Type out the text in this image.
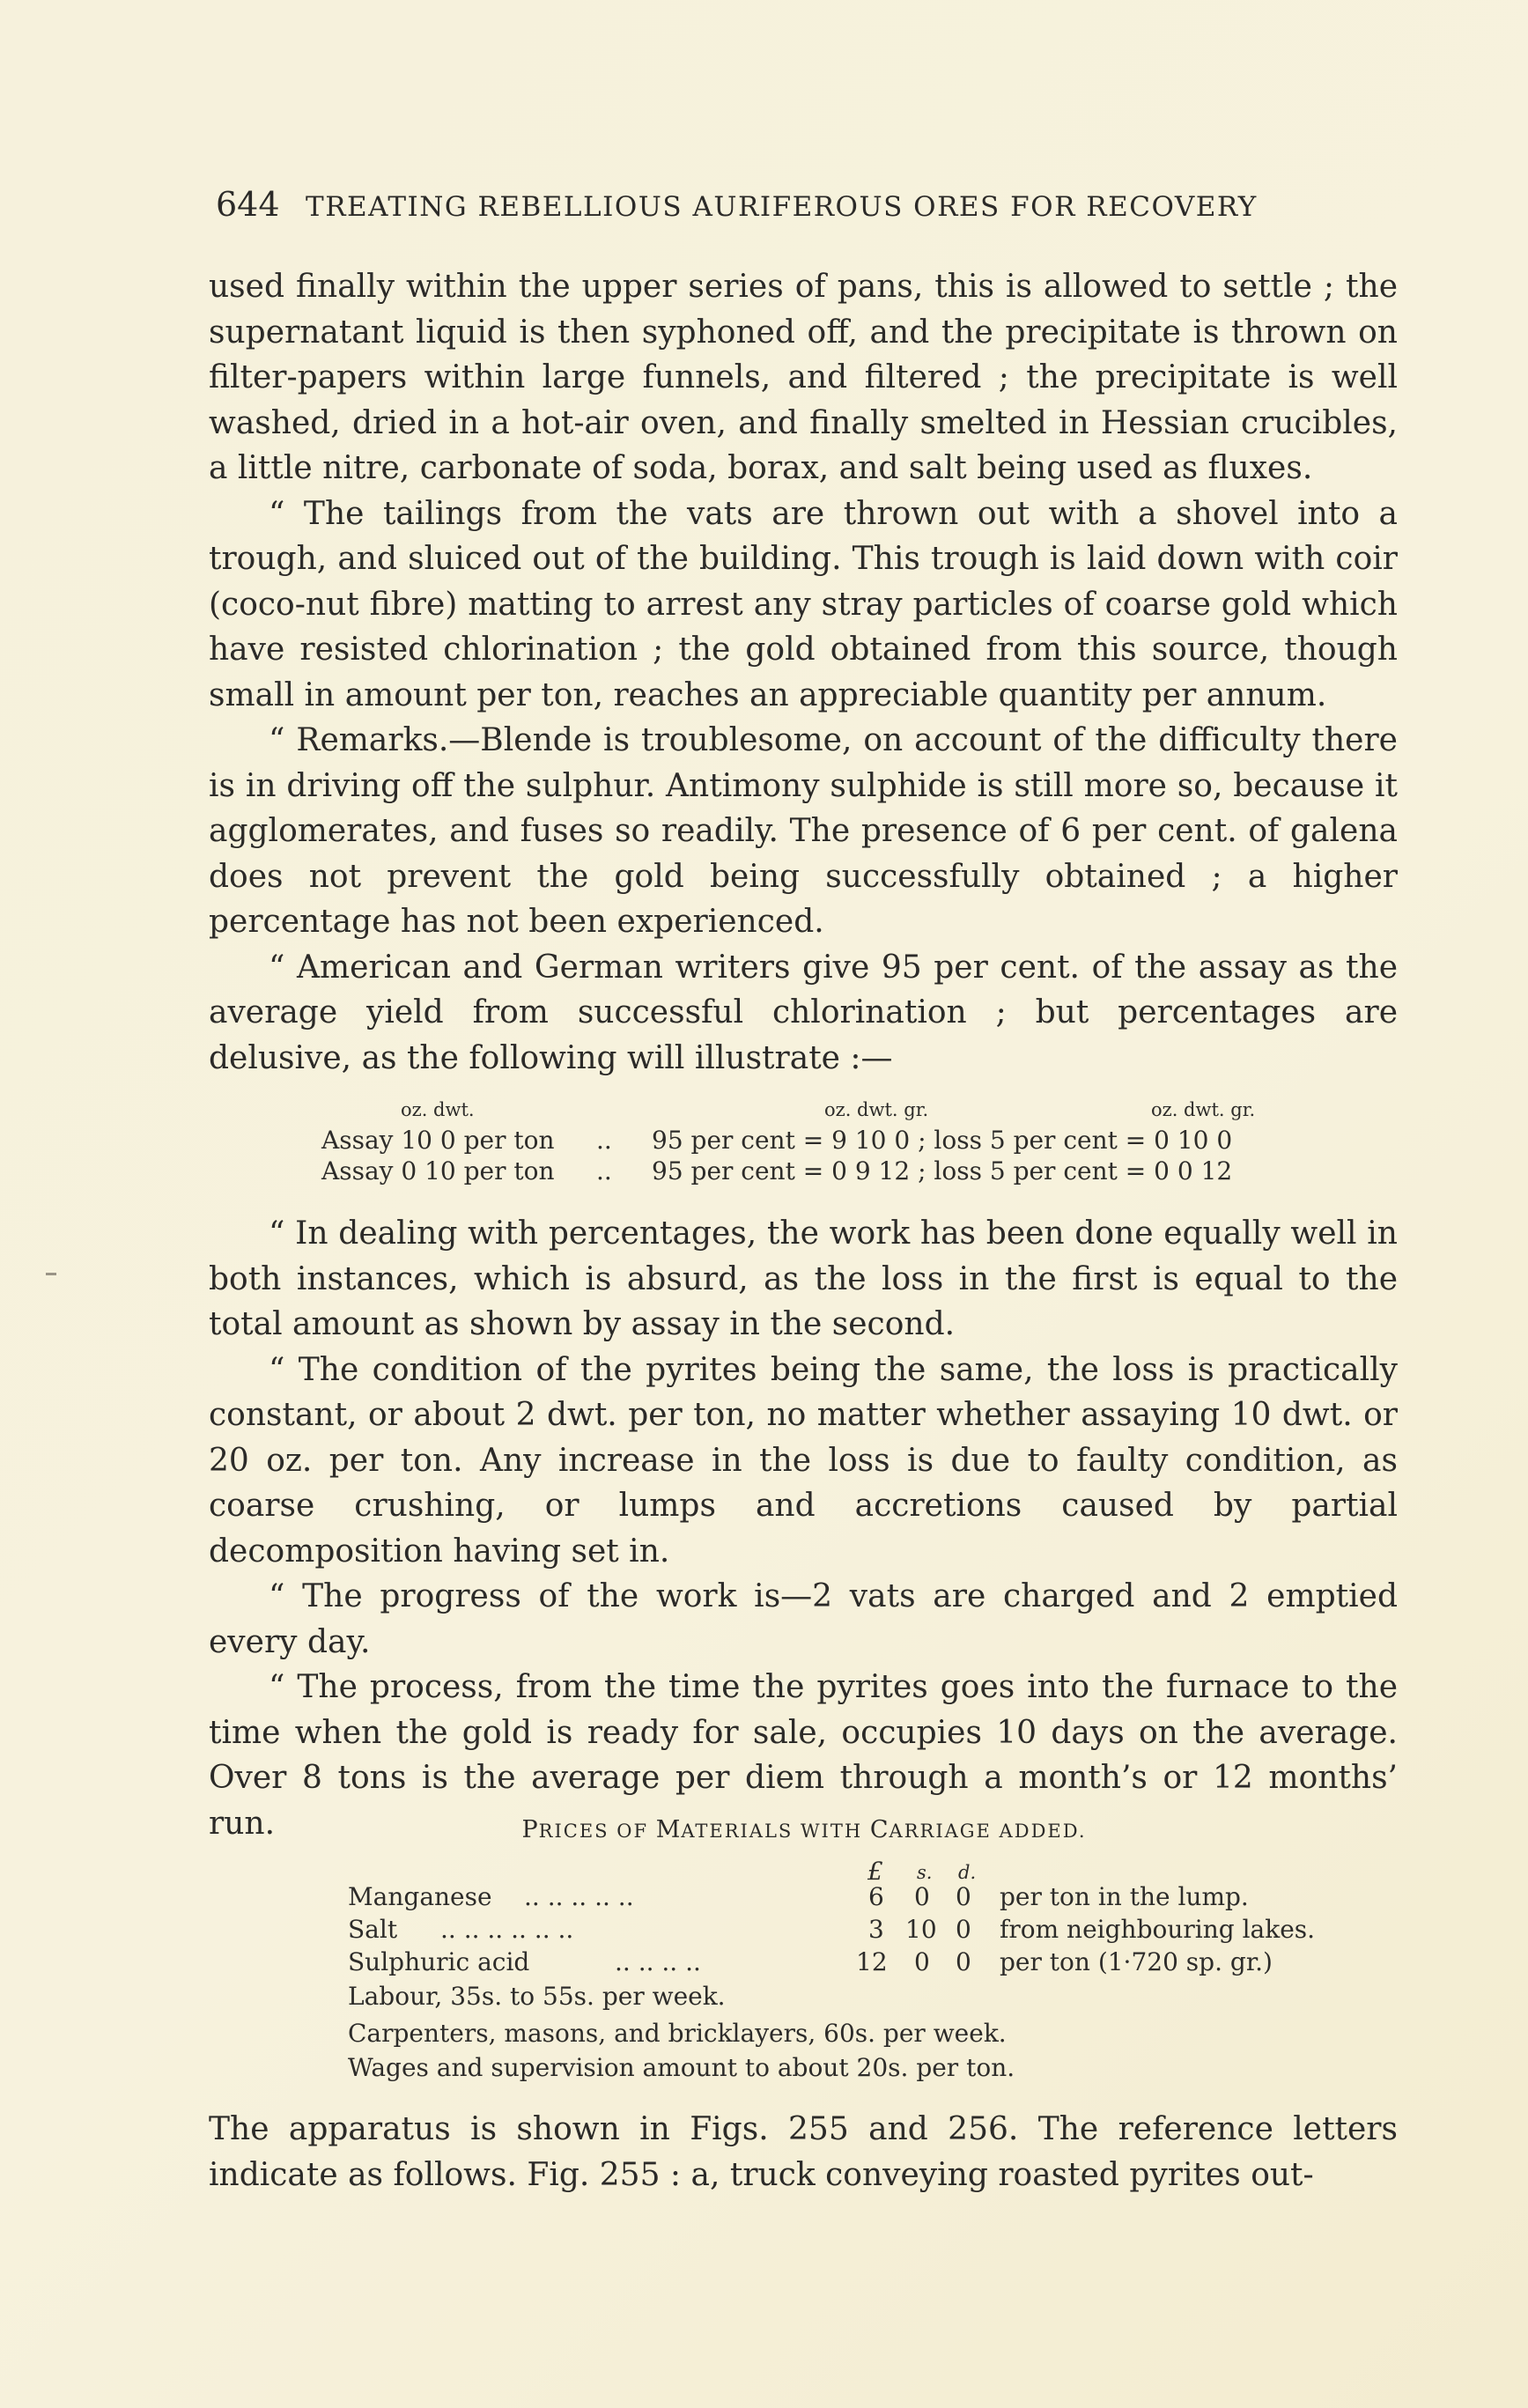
644 TREATING REBELLIOUS AURIFEROUS ORES FOR RECOVERY

used finally within the upper series of pans, this is allowed to settle ; the supernatant liquid is then syphoned off, and the precipitate is thrown on filter-papers within large funnels, and filtered ; the precipitate is well washed, dried in a hot-air oven, and finally smelted in Hessian crucibles, a little nitre, carbonate of soda, borax, and salt being used as fluxes.

“ The tailings from the vats are thrown out with a shovel into a trough, and sluiced out of the building. This trough is laid down with coir (coco-nut fibre) matting to arrest any stray particles of coarse gold which have resisted chlorination ; the gold obtained from this source, though small in amount per ton, reaches an appreciable quantity per annum.

“ Remarks.—Blende is troublesome, on account of the difficulty there is in driving off the sulphur. Antimony sulphide is still more so, because it agglomerates, and fuses so readily. The presence of 6 per cent. of galena does not prevent the gold being successfully obtained ; a higher percentage has not been experienced.

“ American and German writers give 95 per cent. of the assay as the average yield from successful chlorination ; but percentages are delusive, as the following will illustrate :—

oz. dwt.	oz. dwt. gr.	oz. dwt. gr.
Assay 10 0 per ton .. 95 per cent = 9 10 0 ; loss 5 per cent = 0 10 0
Assay 0 10 per ton .. 95 per cent = 0 9 12 ; loss 5 per cent = 0 0 12

“ In dealing with percentages, the work has been done equally well in both instances, which is absurd, as the loss in the first is equal to the total amount as shown by assay in the second.

“ The condition of the pyrites being the same, the loss is practically constant, or about 2 dwt. per ton, no matter whether assaying 10 dwt. or 20 oz. per ton. Any increase in the loss is due to faulty condition, as coarse crushing, or lumps and accretions caused by partial decomposition having set in.

“ The progress of the work is—2 vats are charged and 2 emptied every day.

“ The process, from the time the pyrites goes into the furnace to the time when the gold is ready for sale, occupies 10 days on the average. Over 8 tons is the average per diem through a month’s or 12 months’ run.	PRICES OF MATERIALS WITH CARRIAGE ADDED.
£ s. d.
Manganese .. .. .. .. ..	6 0 0 per ton in the lump.
Salt .. .. .. .. .. ..	3 10 0 from neighbouring lakes.
Sulphuric acid	.. .. .. ..	12 0 0 per ton (1·720 sp. gr.)
Labour, 35s. to 55s. per week.
Carpenters, masons, and bricklayers, 60s. per week.
Wages and supervision amount to about 20s. per ton.

The apparatus is shown in Figs. 255 and 256. The reference letters indicate as follows. Fig. 255 : a, truck conveying roasted pyrites out-
